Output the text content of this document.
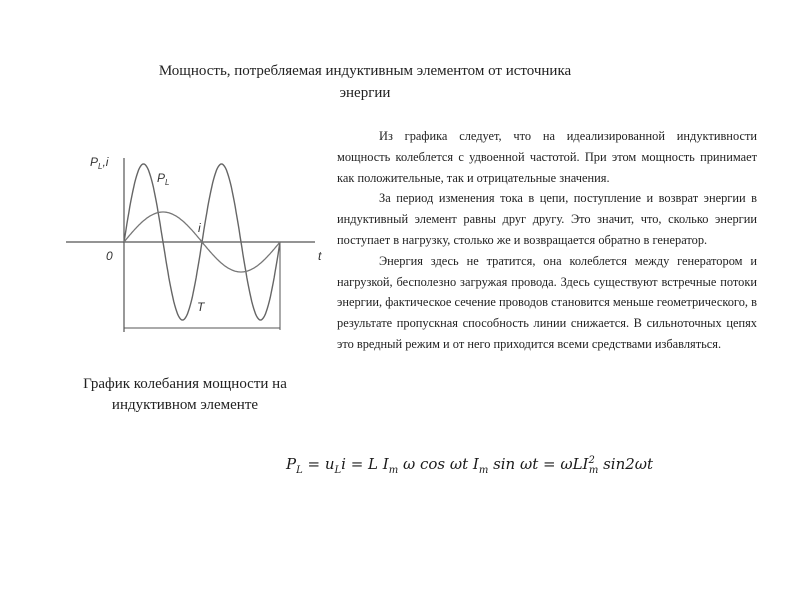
Мощность, потребляемая индуктивным элементом от источника энергии
$P_L,i$
t
0
$P_L$
i
T
График колебания мощности на индуктивном элементе

Из графика следует, что на идеализированной индуктивности мощность колеблется с удвоенной частотой. При этом мощность принимает как положительные, так и отрицательные значения.

За период изменения тока в цепи, поступление и возврат энергии в индуктивный элемент равны друг другу. Это значит, что, сколько энергии поступает в нагрузку, столько же и возвращается обратно в генератор.

Энергия здесь не тратится, она колеблется между генератором и нагрузкой, бесполезно загружая провода. Здесь существуют встречные потоки энергии, фактическое сечение проводов становится меньше геометрического, в результате пропускная способность линии снижается. В сильноточных цепях это вредный режим и от него приходится всеми средствами избавляться.

$P_L = u_Li = L$ $I_m$ ω cos ωt $I_m$ sin ωt = ωLI$^2_m$ sin2ωt
